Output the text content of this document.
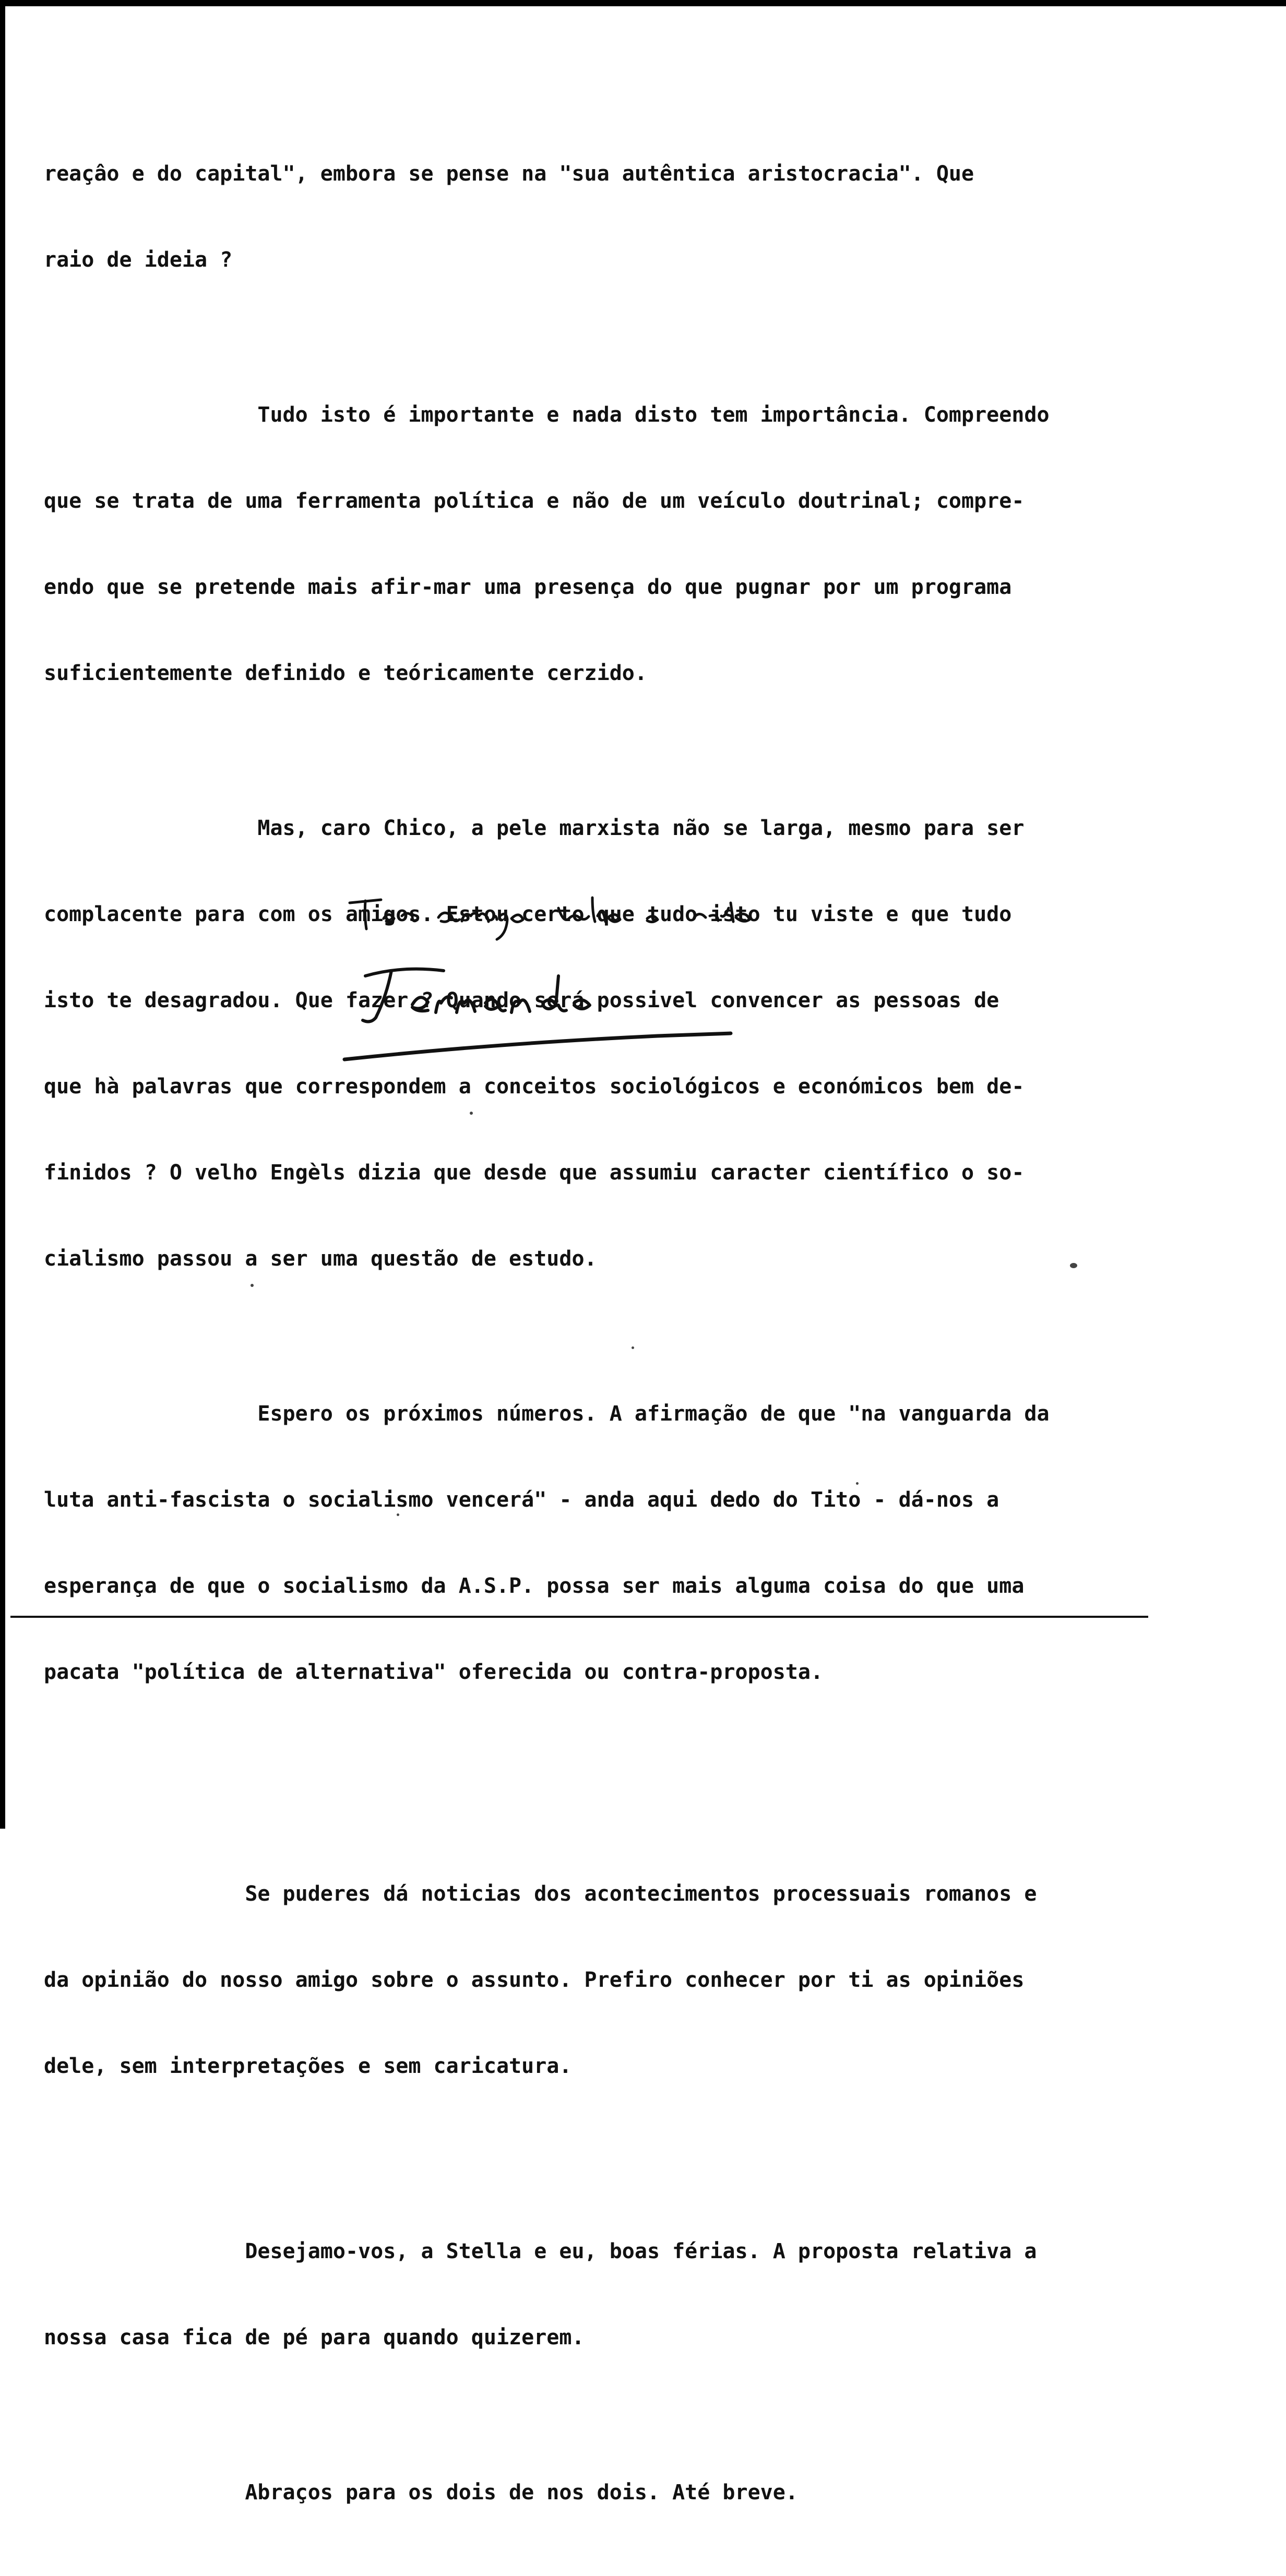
reaçâo e do capital", embora se pense na "sua autêntica aristocracia". Que

raio de ideia ?

Tudo isto é importante e nada disto tem importância. Compreendo

que se trata de uma ferramenta política e não de um veículo doutrinal; compre-

endo que se pretende mais afir-mar uma presença do que pugnar por um programa

suficientemente definido e teóricamente cerzido.

Mas, caro Chico, a pele marxista não se larga, mesmo para ser

complacente para com os amigos. Estou certo que tudo isto tu viste e que tudo

isto te desagradou. Que fazer ? Quando será possivel convencer as pessoas de

que hà palavras que correspondem a conceitos sociológicos e económicos bem de-

finidos ? O velho Engèls dizia que desde que assumiu caracter científico o so-

cialismo passou a ser uma questão de estudo.

Espero os próximos números. A afirmação de que "na vanguarda da

luta anti-fascista o socialismo vencerá" - anda aqui dedo do Tito - dá-nos a

esperança de que o socialismo da A.S.P. possa ser mais alguma coisa do que uma

pacata "política de alternativa" oferecida ou contra-proposta.

Se puderes dá noticias dos acontecimentos processuais romanos e

da opinião do nosso amigo sobre o assunto. Prefiro conhecer por ti as opiniões

dele, sem interpretações e sem caricatura.

Desejamo-vos, a Stella e eu, boas férias. A proposta relativa a

nossa casa fica de pé para quando quizerem.

Abraços para os dois de nos dois. Até breve.
